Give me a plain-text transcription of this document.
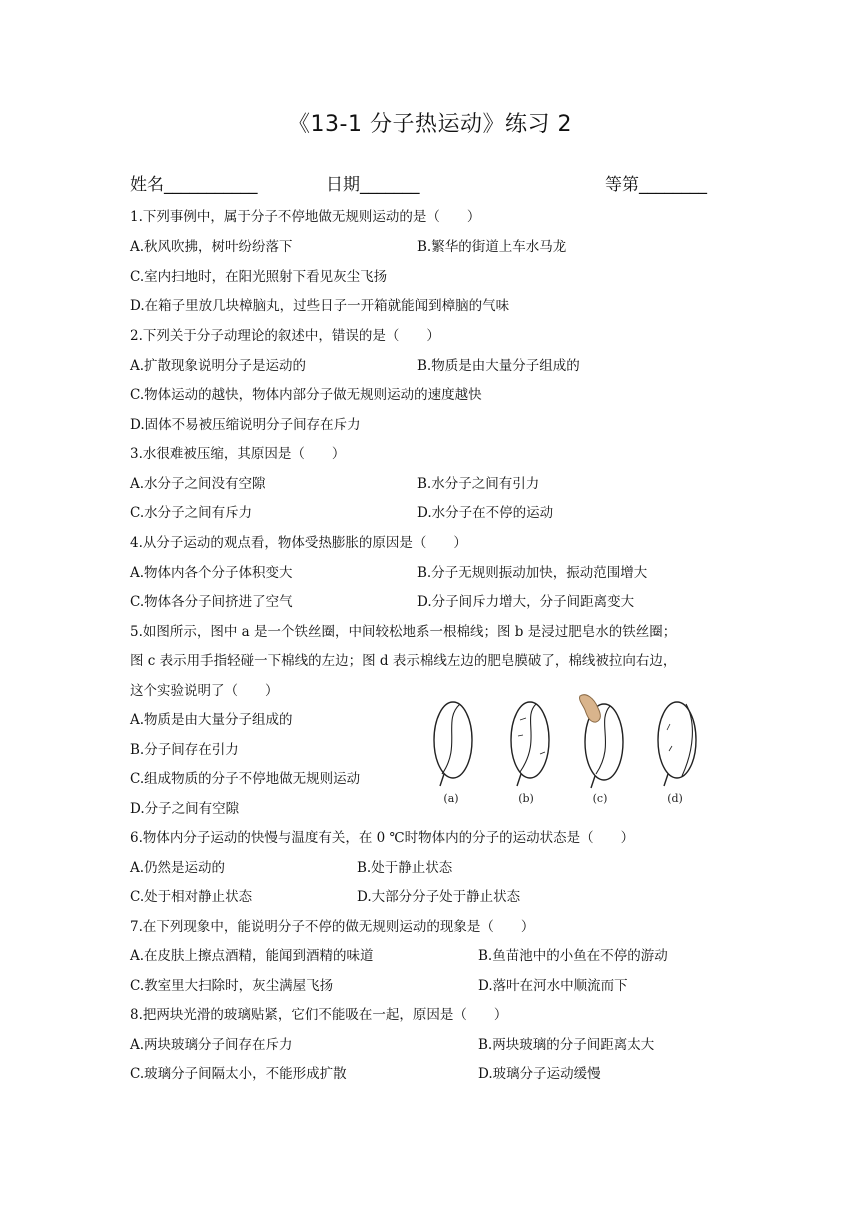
《13-1 分子热运动》练习 2
姓名___________	日期_______	等第________
1.下列事例中，属于分子不停地做无规则运动的是（　　）
A.秋风吹拂，树叶纷纷落下	B.繁华的街道上车水马龙
C.室内扫地时，在阳光照射下看见灰尘飞扬
D.在箱子里放几块樟脑丸，过些日子一开箱就能闻到樟脑的气味
2.下列关于分子动理论的叙述中，错误的是（　　）
A.扩散现象说明分子是运动的	B.物质是由大量分子组成的
C.物体运动的越快，物体内部分子做无规则运动的速度越快
D.固体不易被压缩说明分子间存在斥力
3.水很难被压缩，其原因是（　　）
A.水分子之间没有空隙	B.水分子之间有引力
C.水分子之间有斥力	D.水分子在不停的运动
4.从分子运动的观点看，物体受热膨胀的原因是（　　）
A.物体内各个分子体积变大	B.分子无规则振动加快，振动范围增大
C.物体各分子间挤进了空气	D.分子间斥力增大，分子间距离变大
5.如图所示，图中 a 是一个铁丝圈，中间较松地系一根棉线；图 b 是浸过肥皂水的铁丝圈；
图 c 表示用手指轻碰一下棉线的左边；图 d 表示棉线左边的肥皂膜破了，棉线被拉向右边，
这个实验说明了（　　）
A.物质是由大量分子组成的
B.分子间存在引力
C.组成物质的分子不停地做无规则运动
D.分子之间有空隙
(a)	(b)	(c)	(d)
6.物体内分子运动的快慢与温度有关，在 0 ℃时物体内的分子的运动状态是（　　）
A.仍然是运动的	B.处于静止状态
C.处于相对静止状态	D.大部分分子处于静止状态
7.在下列现象中，能说明分子不停的做无规则运动的现象是（　　）
A.在皮肤上擦点酒精，能闻到酒精的味道	B.鱼苗池中的小鱼在不停的游动
C.教室里大扫除时，灰尘满屋飞扬	D.落叶在河水中顺流而下
8.把两块光滑的玻璃贴紧，它们不能吸在一起，原因是（　　）
A.两块玻璃分子间存在斥力	B.两块玻璃的分子间距离太大
C.玻璃分子间隔太小，不能形成扩散	D.玻璃分子运动缓慢
